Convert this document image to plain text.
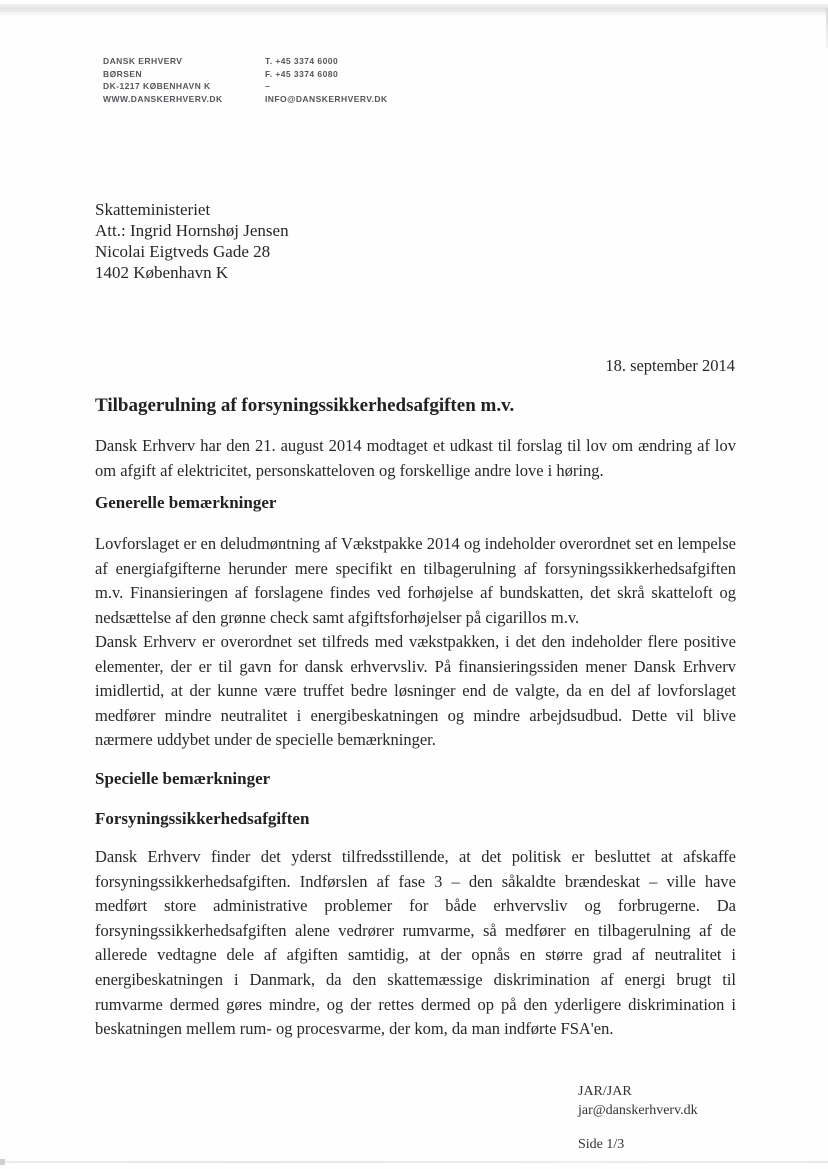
DANSK ERHVERV
BØRSEN
DK-1217 KØBENHAVN K
WWW.DANSKERHVERV.DK
T. +45 3374 6000
F. +45 3374 6080
–
INFO@DANSKERHVERV.DK
Skatteministeriet
Att.: Ingrid Hornshøj Jensen
Nicolai Eigtveds Gade 28
1402 København K
18. september 2014
Tilbagerulning af forsyningssikkerhedsafgiften m.v.
Dansk Erhverv har den 21. august 2014 modtaget et udkast til forslag til lov om ændring af lov om afgift af elektricitet, personskatteloven og forskellige andre love i høring.
Generelle bemærkninger
Lovforslaget er en deludmøntning af Vækstpakke 2014 og indeholder overordnet set en lempelse af energiafgifterne herunder mere specifikt en tilbagerulning af forsyningssikkerhedsafgiften m.v. Finansieringen af forslagene findes ved forhøjelse af bundskatten, det skrå skatteloft og nedsættelse af den grønne check samt afgiftsforhøjelser på cigarillos m.v.
Dansk Erhverv er overordnet set tilfreds med vækstpakken, i det den indeholder flere positive elementer, der er til gavn for dansk erhvervsliv. På finansieringssiden mener Dansk Erhverv imidlertid, at der kunne være truffet bedre løsninger end de valgte, da en del af lovforslaget medfører mindre neutralitet i energibeskatningen og mindre arbejdsudbud. Dette vil blive nærmere uddybet under de specielle bemærkninger.
Specielle bemærkninger
Forsyningssikkerhedsafgiften
Dansk Erhverv finder det yderst tilfredsstillende, at det politisk er besluttet at afskaffe forsyningssikkerhedsafgiften. Indførslen af fase 3 – den såkaldte brændeskat – ville have medført store administrative problemer for både erhvervsliv og forbrugerne. Da forsyningssikkerhedsafgiften alene vedrører rumvarme, så medfører en tilbagerulning af de allerede vedtagne dele af afgiften samtidig, at der opnås en større grad af neutralitet i energibeskatningen i Danmark, da den skattemæssige diskrimination af energi brugt til rumvarme dermed gøres mindre, og der rettes dermed op på den yderligere diskrimination i beskatningen mellem rum- og procesvarme, der kom, da man indførte FSA'en.
JAR/JAR
jar@danskerhverv.dk
Side 1/3
